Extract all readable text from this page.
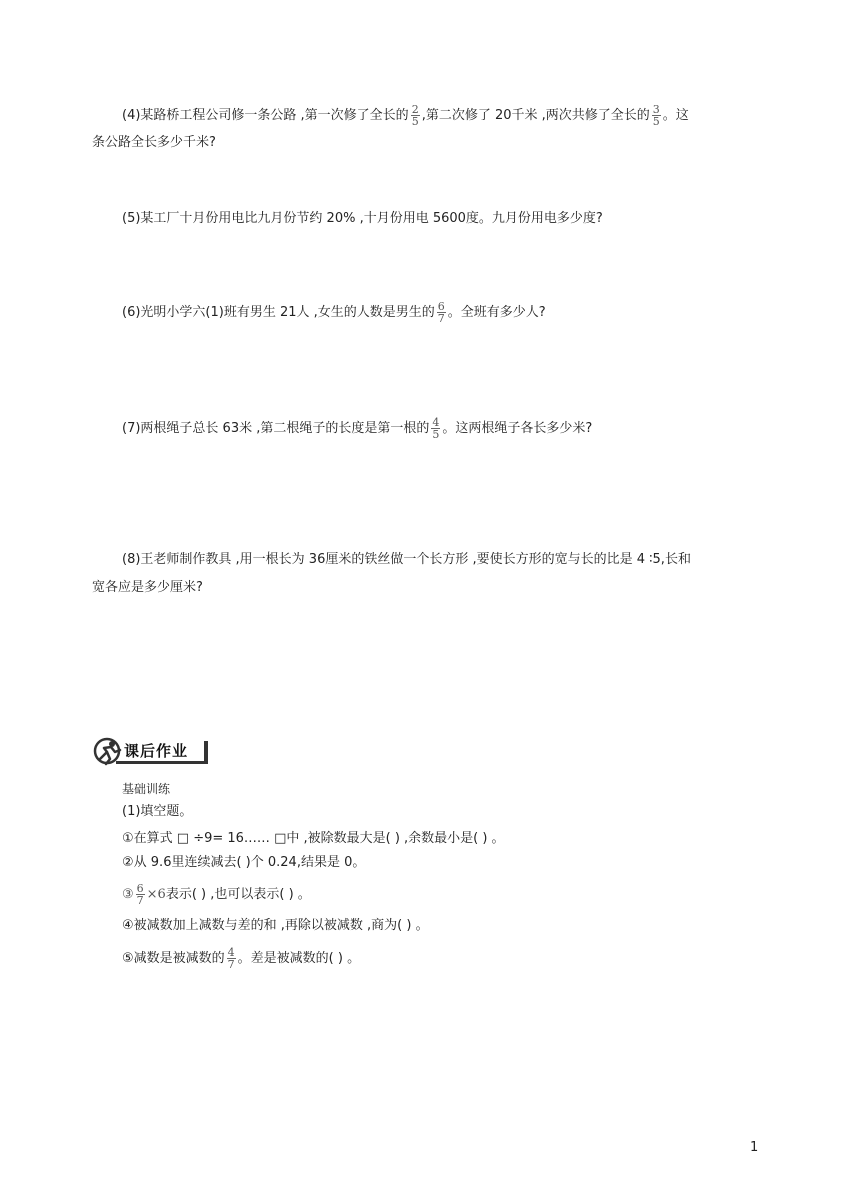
(4)某路桥工程公司修一条公路 ,第一次修了全长的 $\frac{2}{5}$ ,第二次修了 20千米 ,两次共修了全长的 $\frac{3}{5}$ 。这
条公路全长多少千米?
(5)某工厂十月份用电比九月份节约 20% ,十月份用电 5600度。九月份用电多少度?
(6)光明小学六(1)班有男生 21人 ,女生的人数是男生的 $\frac{6}{7}$ 。全班有多少人?
(7)两根绳子总长 63米 ,第二根绳子的长度是第一根的 $\frac{4}{5}$ 。这两根绳子各长多少米?
(8)王老师制作教具 ,用一根长为 36厘米的铁丝做一个长方形 ,要使长方形的宽与长的比是 4 ∶5,长和
宽各应是多少厘米?
课后作业
基础训练
(1)填空题。
①在算式 □ ÷9= 16…… □中 ,被除数最大是( ) ,余数最小是( ) 。
②从 9.6里连续减去( )个 0.24,结果是 0。
③ $\frac{6}{7} \times 6$表示( ) ,也可以表示( ) 。
④被减数加上减数与差的和 ,再除以被减数 ,商为( ) 。
⑤减数是被减数的 $\frac{4}{7}$ 。差是被减数的( ) 。
1
